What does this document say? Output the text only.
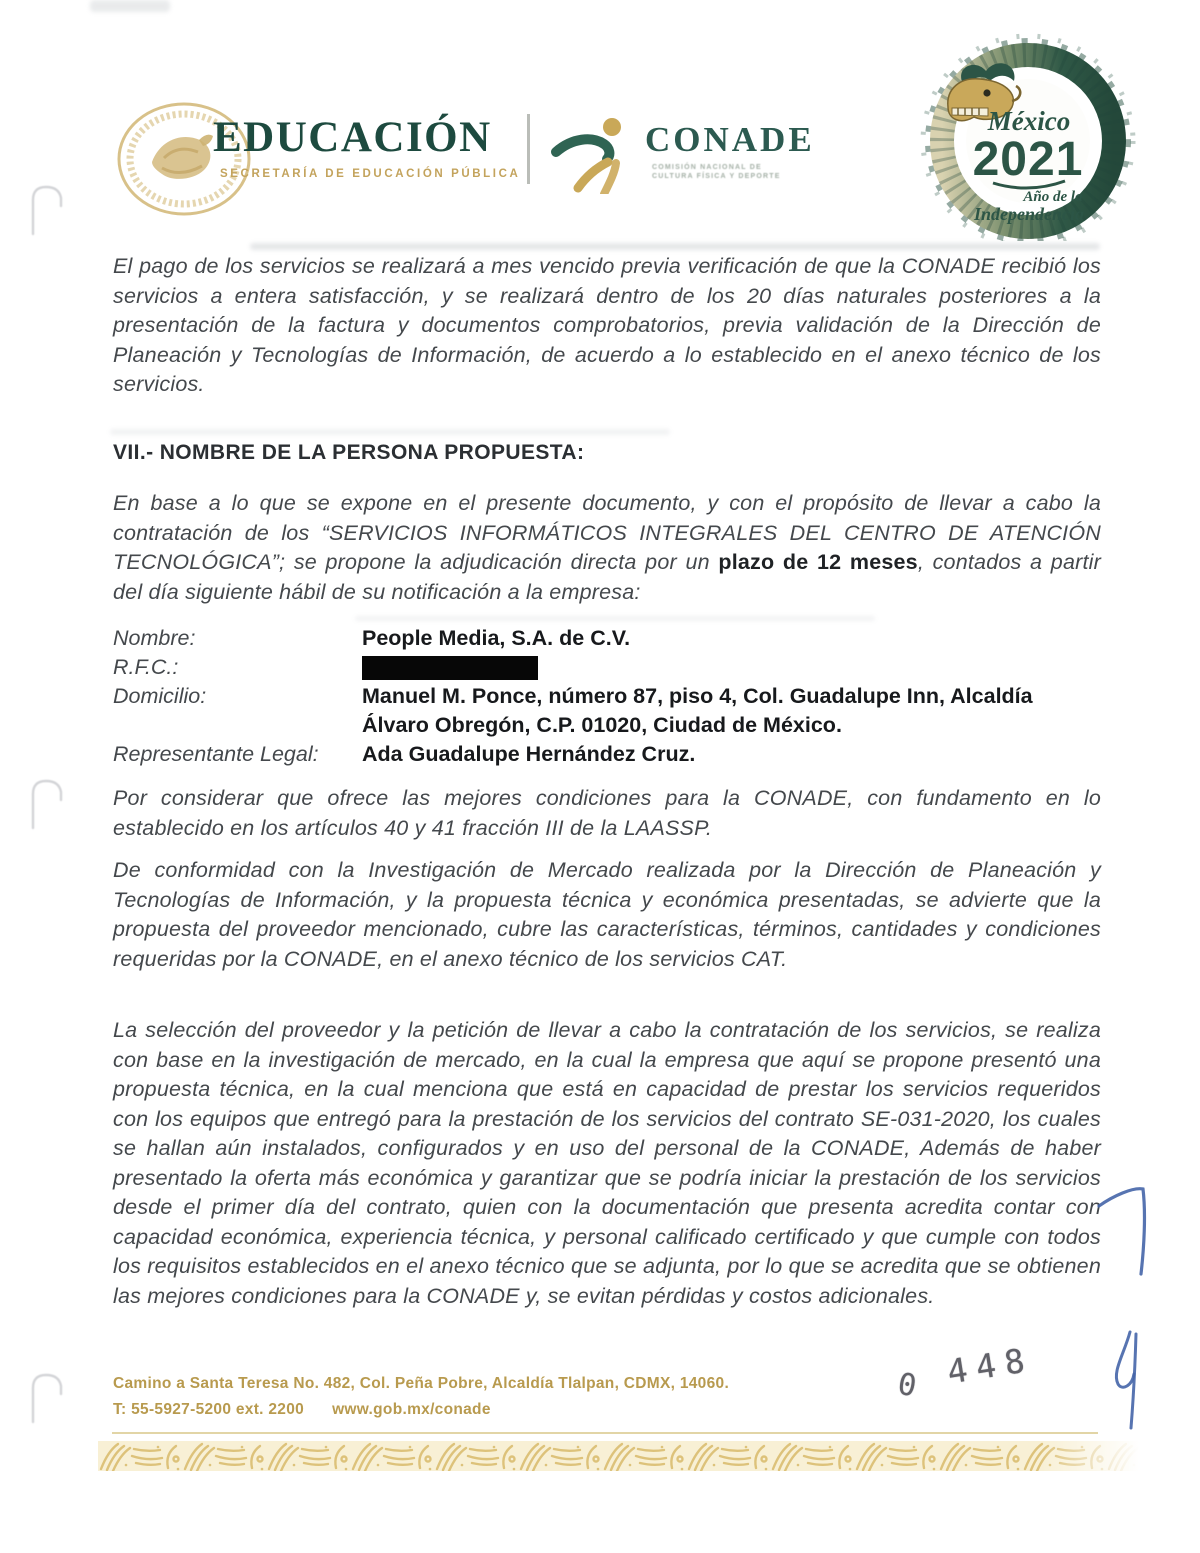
EDUCACIÓN
SECRETARÍA DE EDUCACIÓN PÚBLICA
CONADE
COMISIÓN NACIONAL DE
CULTURA FÍSICA Y DEPORTE
México
2021
Año de la
Independencia
El pago de los servicios se realizará a mes vencido previa verificación de que la CONADE recibió los servicios a entera satisfacción, y se realizará dentro de los 20 días naturales posteriores a la presentación de la factura y documentos comprobatorios, previa validación de la Dirección de Planeación y Tecnologías de Información, de acuerdo a lo establecido en el anexo técnico de los servicios.
VII.- NOMBRE DE LA PERSONA PROPUESTA:
En base a lo que se expone en el presente documento, y con el propósito de llevar a cabo la contratación de los “SERVICIOS INFORMÁTICOS INTEGRALES DEL CENTRO DE ATENCIÓN TECNOLÓGICA”; se propone la adjudicación directa por un plazo de 12 meses, contados a partir del día siguiente hábil de su notificación a la empresa:
Nombre:	People Media, S.A. de C.V.
R.F.C.:
Domicilio:	Manuel M. Ponce, número 87, piso 4, Col. Guadalupe Inn, Alcaldía Álvaro Obregón, C.P. 01020, Ciudad de México.
Representante Legal:	Ada Guadalupe Hernández Cruz.
Por considerar que ofrece las mejores condiciones para la CONADE, con fundamento en lo establecido en los artículos 40 y 41 fracción III de la LAASSP.
De conformidad con la Investigación de Mercado realizada por la Dirección de Planeación y Tecnologías de Información, y la propuesta técnica y económica presentadas, se advierte que la propuesta del proveedor mencionado, cubre las características, términos, cantidades y condiciones requeridas por la CONADE, en el anexo técnico de los servicios CAT.
La selección del proveedor y la petición de llevar a cabo la contratación de los servicios, se realiza con base en la investigación de mercado, en la cual la empresa que aquí se propone presentó una propuesta técnica, en la cual menciona que está en capacidad de prestar los servicios requeridos con los equipos que entregó para la prestación de los servicios del contrato SE-031-2020, los cuales se hallan aún instalados, configurados y en uso del personal de la CONADE, Además de haber presentado la oferta más económica y garantizar que se podría iniciar la prestación de los servicios desde el primer día del contrato, quien con la documentación que presenta acredita contar con capacidad económica, experiencia técnica, y personal calificado certificado y que cumple con todos los requisitos establecidos en el anexo técnico que se adjunta, por lo que se acredita que se obtienen las mejores condiciones para la CONADE y, se evitan pérdidas y costos adicionales.
Camino a Santa Teresa No. 482, Col. Peña Pobre, Alcaldía Tlalpan, CDMX, 14060.
T: 55-5927-5200 ext. 2200 www.gob.mx/conade
0 448
